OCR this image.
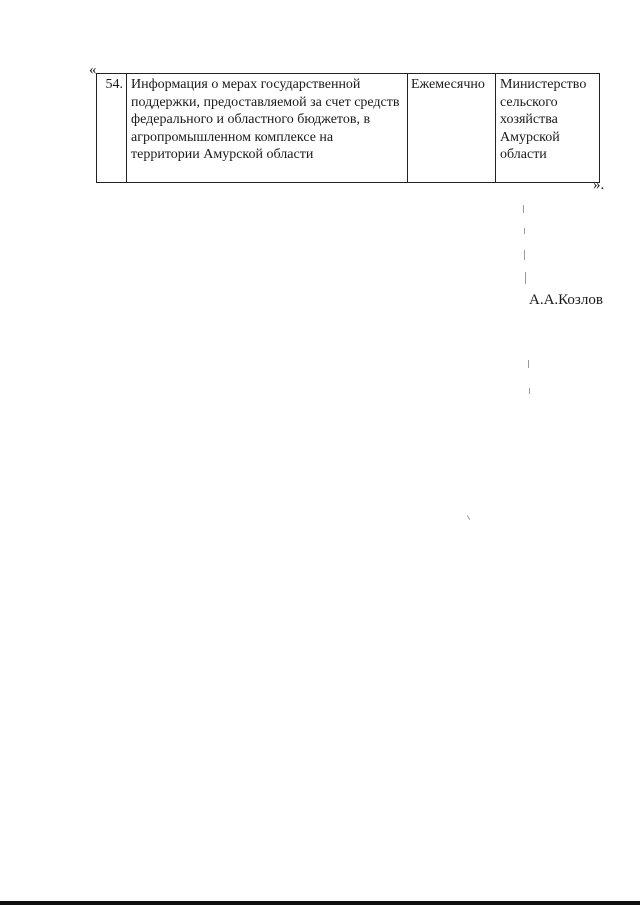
«
54.	Информация о мерах государственной поддержки, предоставляемой за счет средств федерального и областного бюджетов, в агропромышленном комплексе на территории Амурской области	Ежемесячно	Министерство сельского хозяйства Амурской области
».
А.А.Козлов
